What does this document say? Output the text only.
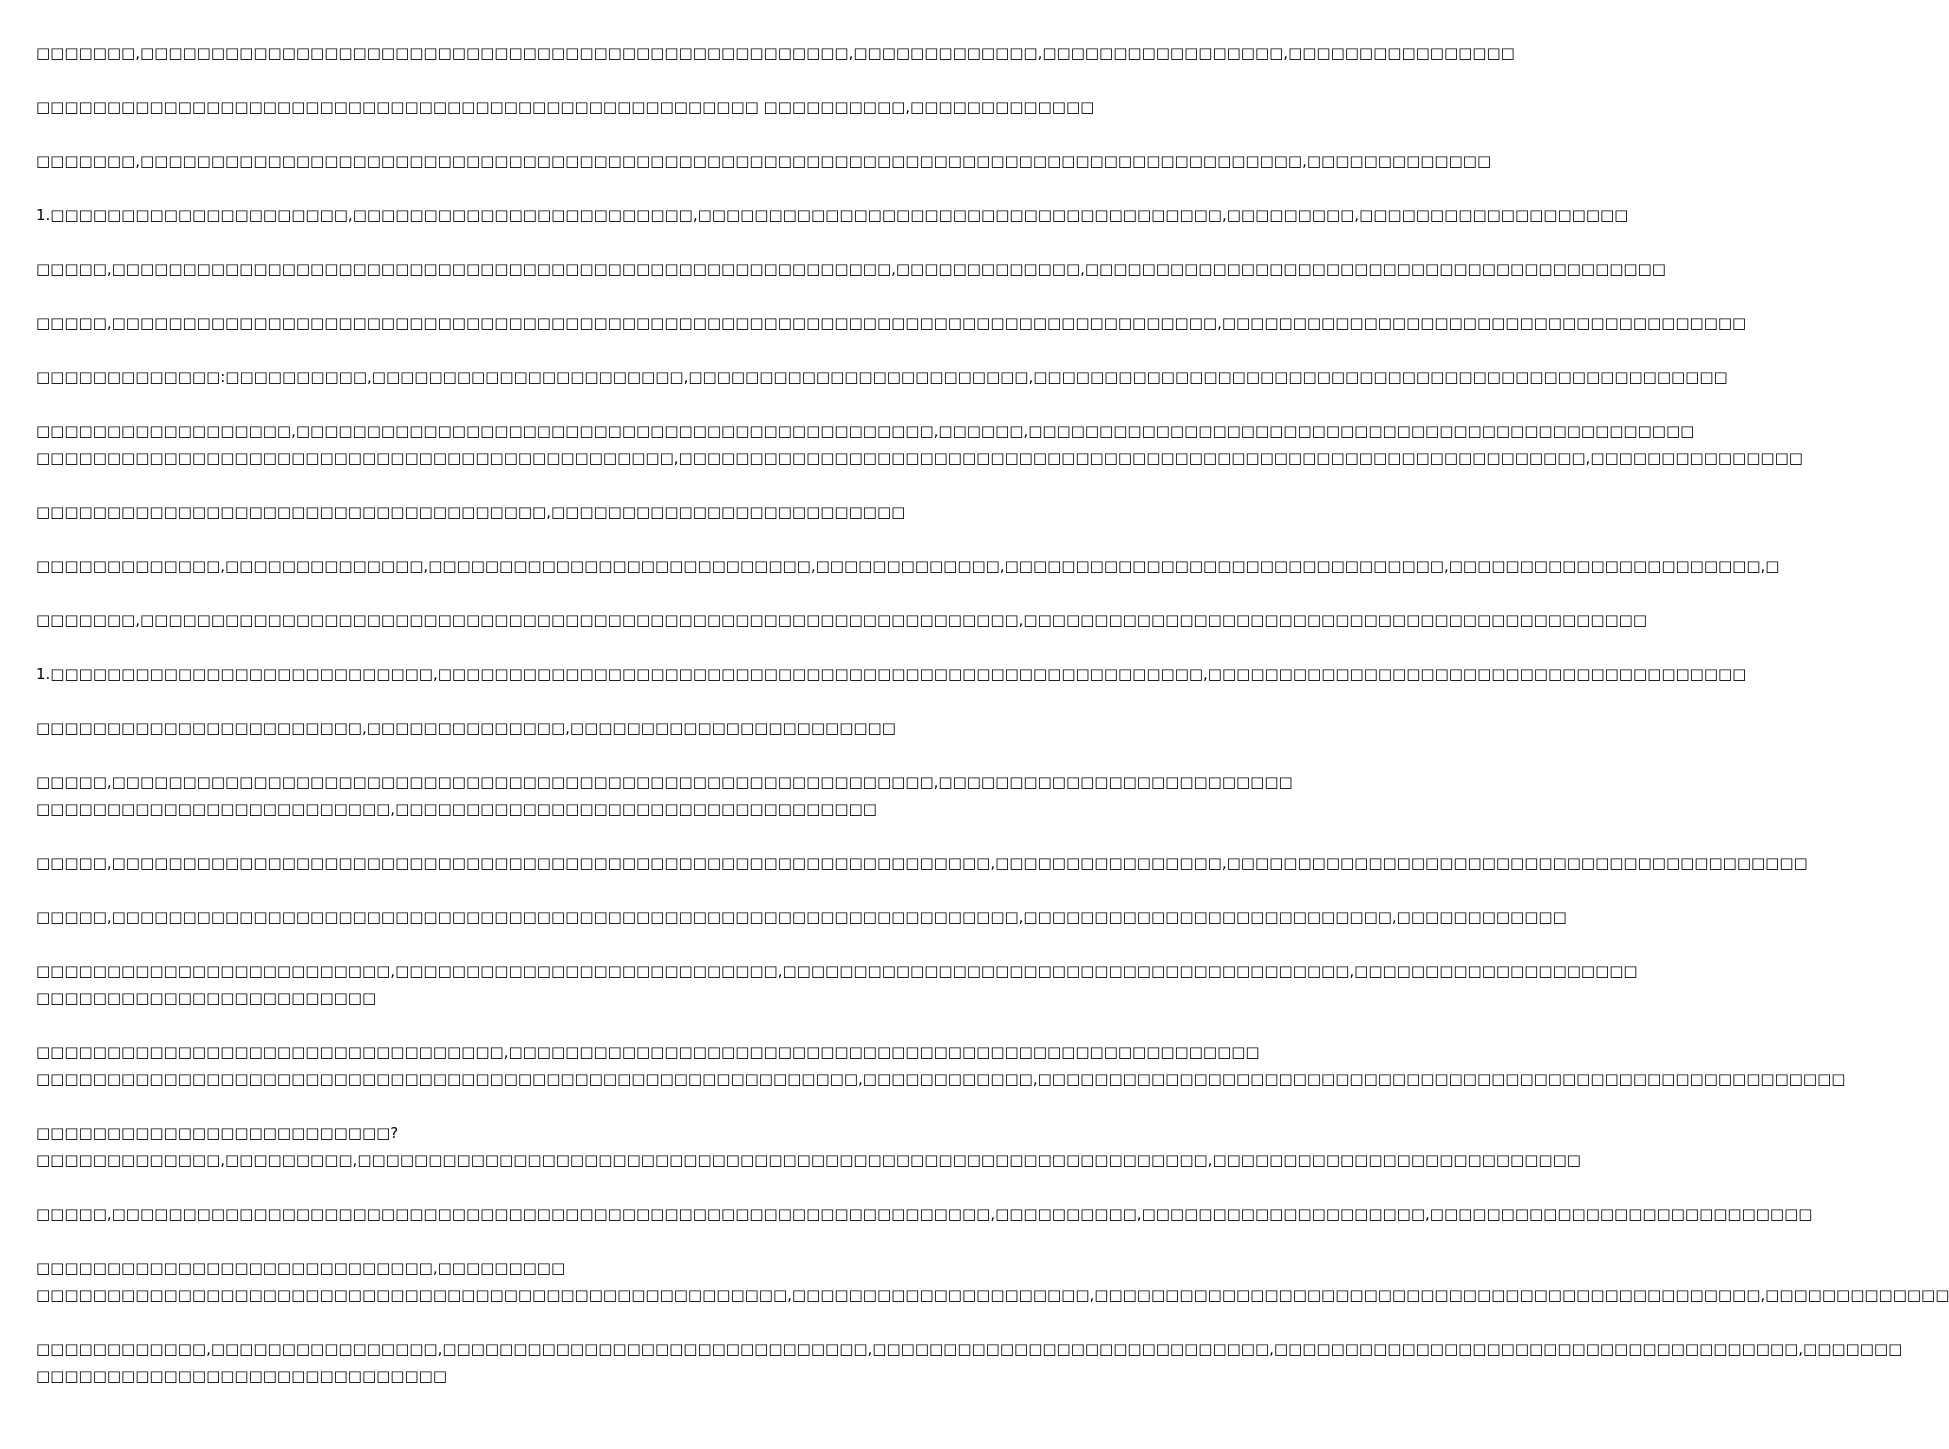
□□□□□□□,□□□□□□□□□□□□□□□□□□□□□□□□□□□□□□□□□□□□□□□□□□□□□□□□□□,□□□□□□□□□□□□□,□□□□□□□□□□□□□□□□□,□□□□□□□□□□□□□□□□

□□□□□□□□□□□□□□□□□□□□□□□□□□□□□□□□□□□□□□□□□□□□□□□□□□□ □□□□□□□□□□,□□□□□□□□□□□□□

□□□□□□□,□□□□□□□□□□□□□□□□□□□□□□□□□□□□□□□□□□□□□□□□□□□□□□□□□□□□□□□□□□□□□□□□□□□□□□□□□□□□□□□□□□,□□□□□□□□□□□□□

1.□□□□□□□□□□□□□□□□□□□□□,□□□□□□□□□□□□□□□□□□□□□□□□,□□□□□□□□□□□□□□□□□□□□□□□□□□□□□□□□□□□□□,□□□□□□□□□,□□□□□□□□□□□□□□□□□□□

□□□□□,□□□□□□□□□□□□□□□□□□□□□□□□□□□□□□□□□□□□□□□□□□□□□□□□□□□□□□□,□□□□□□□□□□□□□,□□□□□□□□□□□□□□□□□□□□□□□□□□□□□□□□□□□□□□□□□

□□□□□,□□□□□□□□□□□□□□□□□□□□□□□□□□□□□□□□□□□□□□□□□□□□□□□□□□□□□□□□□□□□□□□□□□□□□□□□□□□□□□,□□□□□□□□□□□□□□□□□□□□□□□□□□□□□□□□□□□□□

□□□□□□□□□□□□□:□□□□□□□□□□,□□□□□□□□□□□□□□□□□□□□□□,□□□□□□□□□□□□□□□□□□□□□□□□,□□□□□□□□□□□□□□□□□□□□□□□□□□□□□□□□□□□□□□□□□□□□□□□□□

□□□□□□□□□□□□□□□□□□,□□□□□□□□□□□□□□□□□□□□□□□□□□□□□□□□□□□□□□□□□□□□□,□□□□□□,□□□□□□□□□□□□□□□□□□□□□□□□□□□□□□□□□□□□□□□□□□□□□□□
□□□□□□□□□□□□□□□□□□□□□□□□□□□□□□□□□□□□□□□□□□□□□,□□□□□□□□□□□□□□□□□□□□□□□□□□□□□□□□□□□□□□□□□□□□□□□□□□□□□□□□□□□□□□□□,□□□□□□□□□□□□□□□

□□□□□□□□□□□□□□□□□□□□□□□□□□□□□□□□□□□□,□□□□□□□□□□□□□□□□□□□□□□□□□

□□□□□□□□□□□□□,□□□□□□□□□□□□□□,□□□□□□□□□□□□□□□□□□□□□□□□□□□,□□□□□□□□□□□□□,□□□□□□□□□□□□□□□□□□□□□□□□□□□□□□□,□□□□□□□□□□□□□□□□□□□□□□,□

□□□□□□□,□□□□□□□□□□□□□□□□□□□□□□□□□□□□□□□□□□□□□□□□□□□□□□□□□□□□□□□□□□□□□□,□□□□□□□□□□□□□□□□□□□□□□□□□□□□□□□□□□□□□□□□□□□□

1.□□□□□□□□□□□□□□□□□□□□□□□□□□□,□□□□□□□□□□□□□□□□□□□□□□□□□□□□□□□□□□□□□□□□□□□□□□□□□□□□□□,□□□□□□□□□□□□□□□□□□□□□□□□□□□□□□□□□□□□□□

□□□□□□□□□□□□□□□□□□□□□□□,□□□□□□□□□□□□□□,□□□□□□□□□□□□□□□□□□□□□□□

□□□□□,□□□□□□□□□□□□□□□□□□□□□□□□□□□□□□□□□□□□□□□□□□□□□□□□□□□□□□□□□□,□□□□□□□□□□□□□□□□□□□□□□□□□
□□□□□□□□□□□□□□□□□□□□□□□□□,□□□□□□□□□□□□□□□□□□□□□□□□□□□□□□□□□□

□□□□□,□□□□□□□□□□□□□□□□□□□□□□□□□□□□□□□□□□□□□□□□□□□□□□□□□□□□□□□□□□□□□□,□□□□□□□□□□□□□□□□,□□□□□□□□□□□□□□□□□□□□□□□□□□□□□□□□□□□□□□□□□

□□□□□,□□□□□□□□□□□□□□□□□□□□□□□□□□□□□□□□□□□□□□□□□□□□□□□□□□□□□□□□□□□□□□□□,□□□□□□□□□□□□□□□□□□□□□□□□□□,□□□□□□□□□□□□

□□□□□□□□□□□□□□□□□□□□□□□□□,□□□□□□□□□□□□□□□□□□□□□□□□□□□,□□□□□□□□□□□□□□□□□□□□□□□□□□□□□□□□□□□□□□□□,□□□□□□□□□□□□□□□□□□□□
□□□□□□□□□□□□□□□□□□□□□□□□

□□□□□□□□□□□□□□□□□□□□□□□□□□□□□□□□□,□□□□□□□□□□□□□□□□□□□□□□□□□□□□□□□□□□□□□□□□□□□□□□□□□□□□□
□□□□□□□□□□□□□□□□□□□□□□□□□□□□□□□□□□□□□□□□□□□□□□□□□□□□□□□□□□,□□□□□□□□□□□□,□□□□□□□□□□□□□□□□□□□□□□□□□□□□□□□□□□□□□□□□□□□□□□□□□□□□□□□□□

□□□□□□□□□□□□□□□□□□□□□□□□□?
□□□□□□□□□□□□□,□□□□□□□□□,□□□□□□□□□□□□□□□□□□□□□□□□□□□□□□□□□□□□□□□□□□□□□□□□□□□□□□□□□□□□,□□□□□□□□□□□□□□□□□□□□□□□□□□

□□□□□,□□□□□□□□□□□□□□□□□□□□□□□□□□□□□□□□□□□□□□□□□□□□□□□□□□□□□□□□□□□□□□,□□□□□□□□□□,□□□□□□□□□□□□□□□□□□□□,□□□□□□□□□□□□□□□□□□□□□□□□□□□

□□□□□□□□□□□□□□□□□□□□□□□□□□□□,□□□□□□□□□
□□□□□□□□□□□□□□□□□□□□□□□□□□□□□□□□□□□□□□□□□□□□□□□□□□□□□,□□□□□□□□□□□□□□□□□□□□□,□□□□□□□□□□□□□□□□□□□□□□□□□□□□□□□□□□□□□□□□□□□□□□□,□□□□□□□□□□□□□

□□□□□□□□□□□□,□□□□□□□□□□□□□□□□,□□□□□□□□□□□□□□□□□□□□□□□□□□□□□□,□□□□□□□□□□□□□□□□□□□□□□□□□□□□,□□□□□□□□□□□□□□□□□□□□□□□□□□□□□□□□□□□□□,□□□□□□□
□□□□□□□□□□□□□□□□□□□□□□□□□□□□□
